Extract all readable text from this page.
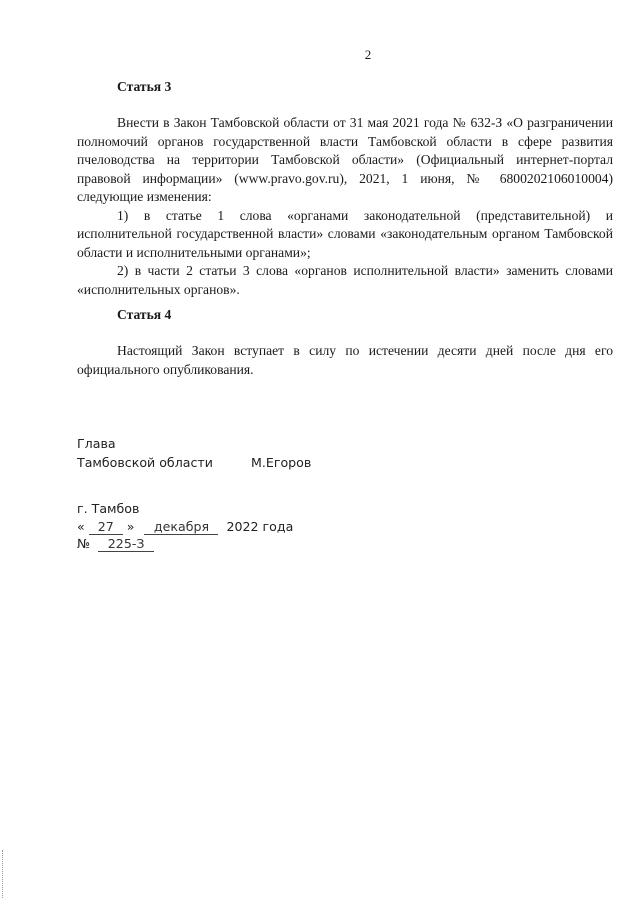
2

Статья 3

Внести в Закон Тамбовской области от 31 мая 2021 года № 632-З «О разграничении полномочий органов государственной власти Тамбовской области в сфере развития пчеловодства на территории Тамбовской области» (Официальный интернет-портал правовой информации» (www.pravo.gov.ru), 2021, 1 июня, № 6800202106010004) следующие изменения:

1) в статье 1 слова «органами законодательной (представительной) и исполнительной государственной власти» словами «законодательным органом Тамбовской области и исполнительными органами»;

2) в части 2 статьи 3 слова «органов исполнительной власти» заменить словами «исполнительных органов».

Статья 4

Настоящий Закон вступает в силу по истечении десяти дней после дня его официального опубликования.

Глава
Тамбовской области	М.Егоров
г. Тамбов
« 27 » декабря 2022 года
№ 225-З
